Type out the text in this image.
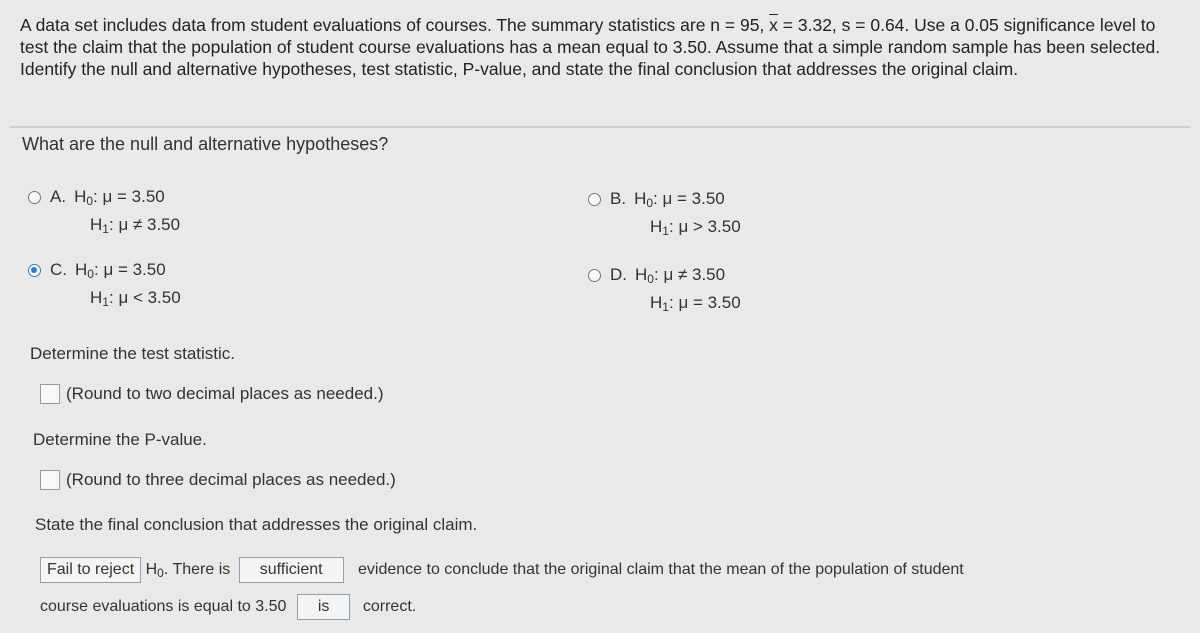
A data set includes data from student evaluations of courses. The summary statistics are n = 95, $\overline{x} = 3.32$, s = 0.64. Use a 0.05 significance level to test the claim that the population of student course evaluations has a mean equal to 3.50. Assume that a simple random sample has been selected. Identify the null and alternative hypotheses, test statistic, P-value, and state the final conclusion that addresses the original claim.
What are the null and alternative hypotheses?
A. $H_0$: μ = 3.50
$H_1$: μ ≠ 3.50
B. $H_0$: μ = 3.50
$H_1$: μ > 3.50
C. $H_0$: μ = 3.50
$H_1$: μ < 3.50
D. $H_0$: μ ≠ 3.50
$H_1$: μ = 3.50
Determine the test statistic.
(Round to two decimal places as needed.)
Determine the P-value.
(Round to three decimal places as needed.)
State the final conclusion that addresses the original claim.
Fail to reject $H_0$. There is sufficient evidence to conclude that the original claim that the mean of the population of student
course evaluations is equal to 3.50 is correct.
